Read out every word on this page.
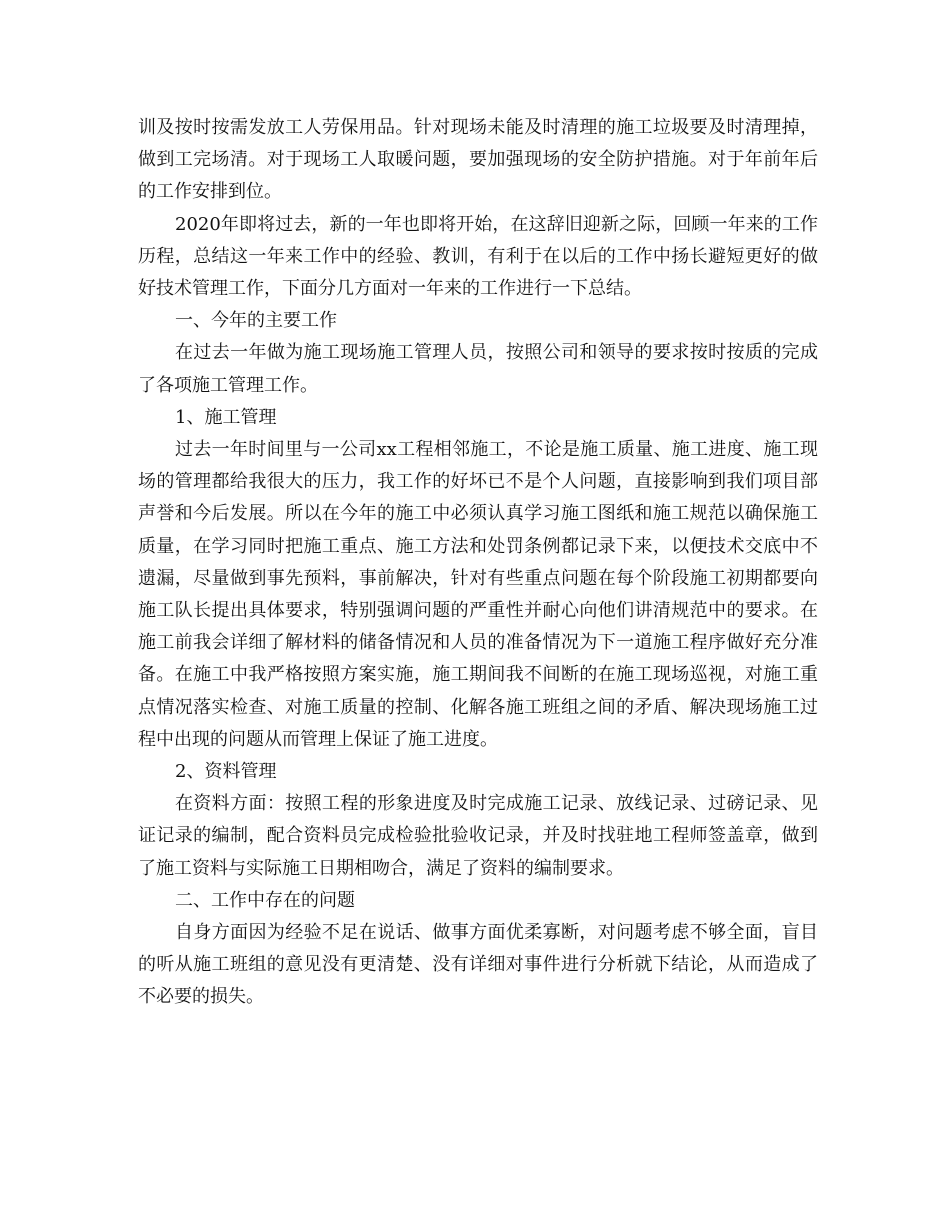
训及按时按需发放工人劳保用品。针对现场未能及时清理的施工垃圾要及时清理掉，做到工完场清。对于现场工人取暖问题，要加强现场的安全防护措施。对于年前年后的工作安排到位。

2020年即将过去，新的一年也即将开始，在这辞旧迎新之际，回顾一年来的工作历程，总结这一年来工作中的经验、教训，有利于在以后的工作中扬长避短更好的做好技术管理工作，下面分几方面对一年来的工作进行一下总结。

一、今年的主要工作

在过去一年做为施工现场施工管理人员，按照公司和领导的要求按时按质的完成了各项施工管理工作。

1、施工管理

过去一年时间里与一公司xx工程相邻施工，不论是施工质量、施工进度、施工现场的管理都给我很大的压力，我工作的好坏已不是个人问题，直接影响到我们项目部声誉和今后发展。所以在今年的施工中必须认真学习施工图纸和施工规范以确保施工质量，在学习同时把施工重点、施工方法和处罚条例都记录下来，以便技术交底中不遗漏，尽量做到事先预料，事前解决，针对有些重点问题在每个阶段施工初期都要向施工队长提出具体要求，特别强调问题的严重性并耐心向他们讲清规范中的要求。在施工前我会详细了解材料的储备情况和人员的准备情况为下一道施工程序做好充分准备。在施工中我严格按照方案实施，施工期间我不间断的在施工现场巡视，对施工重点情况落实检查、对施工质量的控制、化解各施工班组之间的矛盾、解决现场施工过程中出现的问题从而管理上保证了施工进度。

2、资料管理

在资料方面：按照工程的形象进度及时完成施工记录、放线记录、过磅记录、见证记录的编制，配合资料员完成检验批验收记录，并及时找驻地工程师签盖章，做到了施工资料与实际施工日期相吻合，满足了资料的编制要求。

二、工作中存在的问题

自身方面因为经验不足在说话、做事方面优柔寡断，对问题考虑不够全面，盲目的听从施工班组的意见没有更清楚、没有详细对事件进行分析就下结论，从而造成了不必要的损失。
